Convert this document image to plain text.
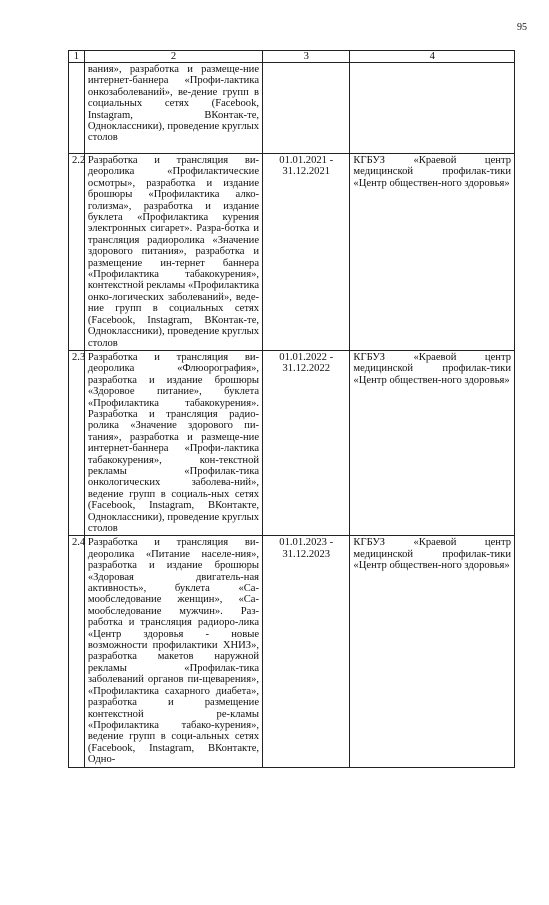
95
1	2	3	4
	вания», разработка и размеще-ние интернет-баннера «Профи-лактика онкозаболеваний», ве-дение групп в социальных сетях (Facebook, Instagram, ВКонтак-те, Одноклассники), проведение круглых столов		
2.2	Разработка и трансляция ви-деоролика «Профилактические осмотры», разработка и издание брошюры «Профилактика алко-голизма», разработка и издание буклета «Профилактика курения электронных сигарет». Разра-ботка и трансляция радиоролика «Значение здорового питания», разработка и размещение ин-тернет баннера «Профилактика табакокурения», контекстной рекламы «Профилактика онко-логических заболеваний», веде-ние групп в социальных сетях (Facebook, Instagram, ВКонтак-те, Одноклассники), проведение круглых столов	01.01.2021 - 31.12.2021	КГБУЗ «Краевой центр медицинской профилак-тики «Центр обществен-ного здоровья»
2.3	Разработка и трансляция ви-деоролика «Флюорография», разработка и издание брошюры «Здоровое питание», буклета «Профилактика табакокурения». Разработка и трансляция радио-ролика «Значение здорового пи-тания», разработка и размеще-ние интернет-баннера «Профи-лактика табакокурения», кон-текстной рекламы «Профилак-тика онкологических заболева-ний», ведение групп в социаль-ных сетях (Facebook, Instagram, ВКонтакте, Одноклассники), проведение круглых столов	01.01.2022 - 31.12.2022	КГБУЗ «Краевой центр медицинской профилак-тики «Центр обществен-ного здоровья»
2.4	Разработка и трансляция ви-деоролика «Питание населе-ния», разработка и издание брошюры «Здоровая двигатель-ная активность», буклета «Са-мообследование женщин», «Са-мообследование мужчин». Раз-работка и трансляция радиоро-лика «Центр здоровья - новые возможности профилактики ХНИЗ», разработка макетов наружной рекламы «Профилак-тика заболеваний органов пи-щеварения», «Профилактика сахарного диабета», разработка и размещение контекстной ре-кламы «Профилактика табако-курения», ведение групп в соци-альных сетях (Facebook, Instagram, ВКонтакте, Одно-	01.01.2023 - 31.12.2023	КГБУЗ «Краевой центр медицинской профилак-тики «Центр обществен-ного здоровья»
